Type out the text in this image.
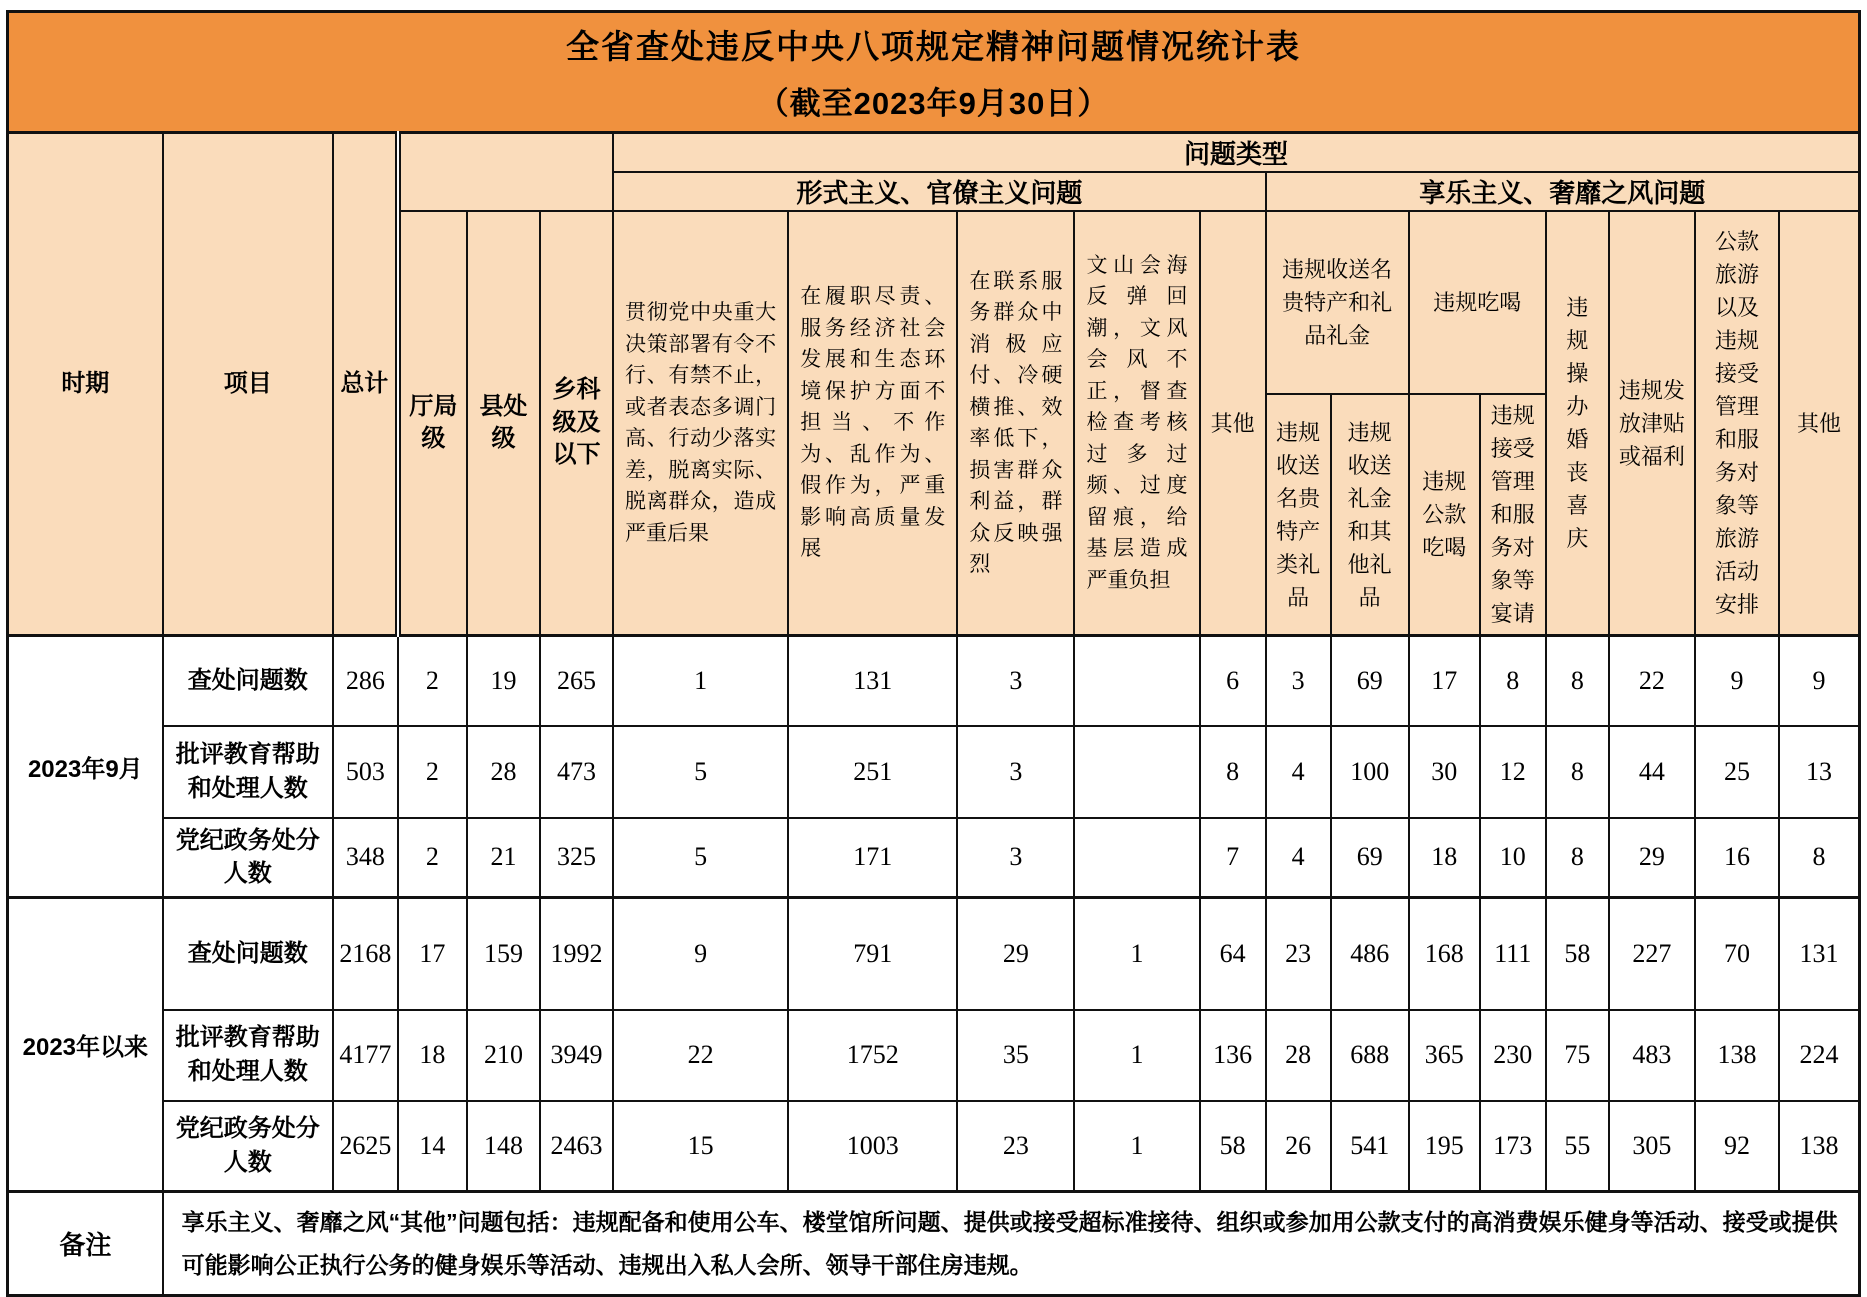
全省查处违反中央八项规定精神问题情况统计表
（截至2023年9月30日）																		

时期	项目	总计				问题类型												
						形式主义、官僚主义问题					享乐主义、奢靡之风问题							
			厅局级	县处级	乡科级及以下	贯彻党中央重大决策部署有令不行、有禁不止，或者表态多调门高、行动少落实差，脱离实际、脱离群众，造成严重后果	在履职尽责、服务经济社会发展和生态环境保护方面不担当、不作为、乱作为、假作为，严重影响高质量发展	在联系服务群众中消极应付、冷硬横推、效率低下，损害群众利益，群众反映强烈	文山会海反弹回潮，文风会风不正，督查检查考核过多过频、过度留痕，给基层造成严重负担	其他	违规收送名贵特产和礼品礼金		违规吃喝		违规操办婚丧喜庆	违规发放津贴或福利	公款旅游以及违规接受管理和服务对象等旅游活动安排	其他
											违规收送名贵特产类礼品	违规收送礼金和其他礼品	违规公款吃喝	违规接受管理和服务对象等宴请				
2023年9月	查处问题数	286	2	19	265	1	131	3		6	3	69	17	8	8	22	9	9
	批评教育帮助和处理人数	503	2	28	473	5	251	3		8	4	100	30	12	8	44	25	13
	党纪政务处分人数	348	2	21	325	5	171	3		7	4	69	18	10	8	29	16	8
2023年以来	查处问题数	2168	17	159	1992	9	791	29	1	64	23	486	168	111	58	227	70	131
	批评教育帮助和处理人数	4177	18	210	3949	22	1752	35	1	136	28	688	365	230	75	483	138	224
	党纪政务处分人数	2625	14	148	2463	15	1003	23	1	58	26	541	195	173	55	305	92	138
备注	享乐主义、奢靡之风“其他”问题包括：违规配备和使用公车、楼堂馆所问题、提供或接受超标准接待、组织或参加用公款支付的高消费娱乐健身等活动、接受或提供可能影响公正执行公务的健身娱乐等活动、违规出入私人会所、领导干部住房违规。																	
